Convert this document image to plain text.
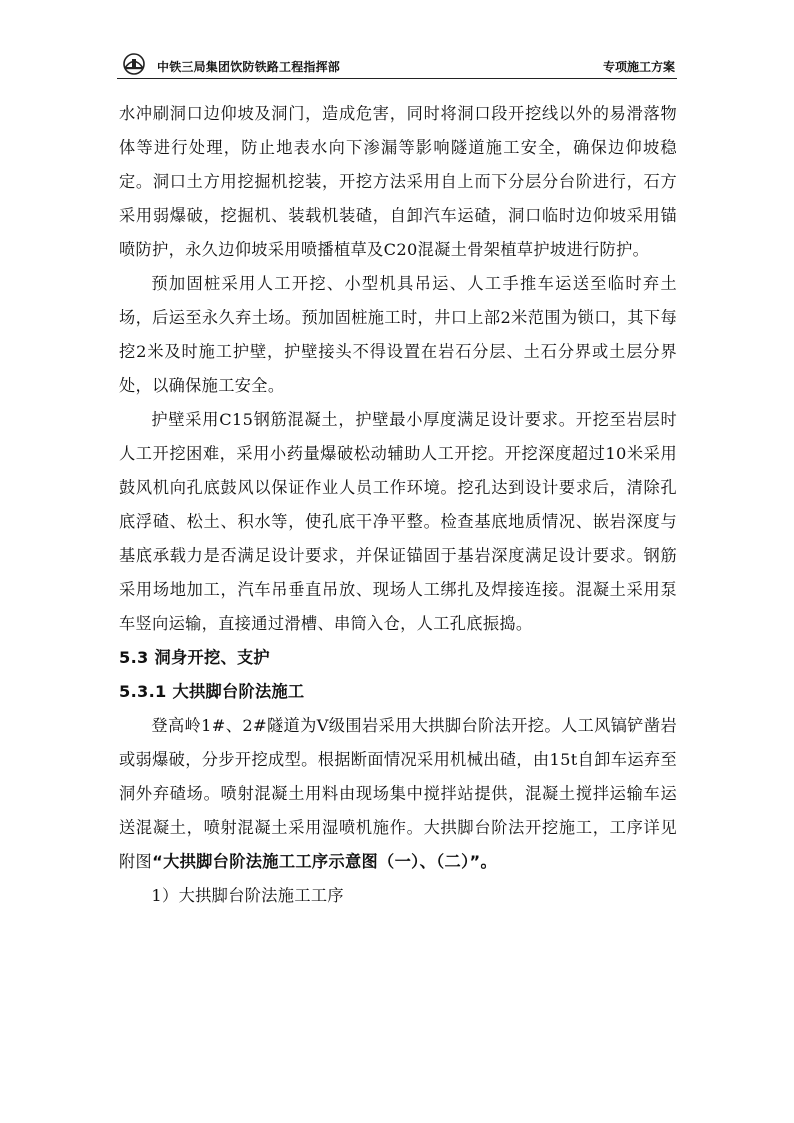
中铁三局集团饮防铁路工程指挥部	专项施工方案

水冲刷洞口边仰坡及洞门，造成危害，同时将洞口段开挖线以外的易滑落物体等进行处理，防止地表水向下渗漏等影响隧道施工安全，确保边仰坡稳定。洞口土方用挖掘机挖装，开挖方法采用自上而下分层分台阶进行，石方采用弱爆破，挖掘机、装载机装碴，自卸汽车运碴，洞口临时边仰坡采用锚喷防护，永久边仰坡采用喷播植草及C20混凝土骨架植草护坡进行防护。

预加固桩采用人工开挖、小型机具吊运、人工手推车运送至临时弃土场，后运至永久弃土场。预加固桩施工时，井口上部2米范围为锁口，其下每挖2米及时施工护壁，护壁接头不得设置在岩石分层、土石分界或土层分界处，以确保施工安全。

护壁采用C15钢筋混凝土，护壁最小厚度满足设计要求。开挖至岩层时人工开挖困难，采用小药量爆破松动辅助人工开挖。开挖深度超过10米采用鼓风机向孔底鼓风以保证作业人员工作环境。挖孔达到设计要求后，清除孔底浮碴、松土、积水等，使孔底干净平整。检查基底地质情况、嵌岩深度与基底承载力是否满足设计要求，并保证锚固于基岩深度满足设计要求。钢筋采用场地加工，汽车吊垂直吊放、现场人工绑扎及焊接连接。混凝土采用泵车竖向运输，直接通过滑槽、串筒入仓，人工孔底振捣。

5.3 洞身开挖、支护

5.3.1 大拱脚台阶法施工

登高岭1#、2#隧道为Ⅴ级围岩采用大拱脚台阶法开挖。人工风镐铲凿岩或弱爆破，分步开挖成型。根据断面情况采用机械出碴，由15t自卸车运弃至洞外弃碴场。喷射混凝土用料由现场集中搅拌站提供，混凝土搅拌运输车运送混凝土，喷射混凝土采用湿喷机施作。大拱脚台阶法开挖施工，工序详见附图“大拱脚台阶法施工工序示意图（一）、（二）”。

1）大拱脚台阶法施工工序
